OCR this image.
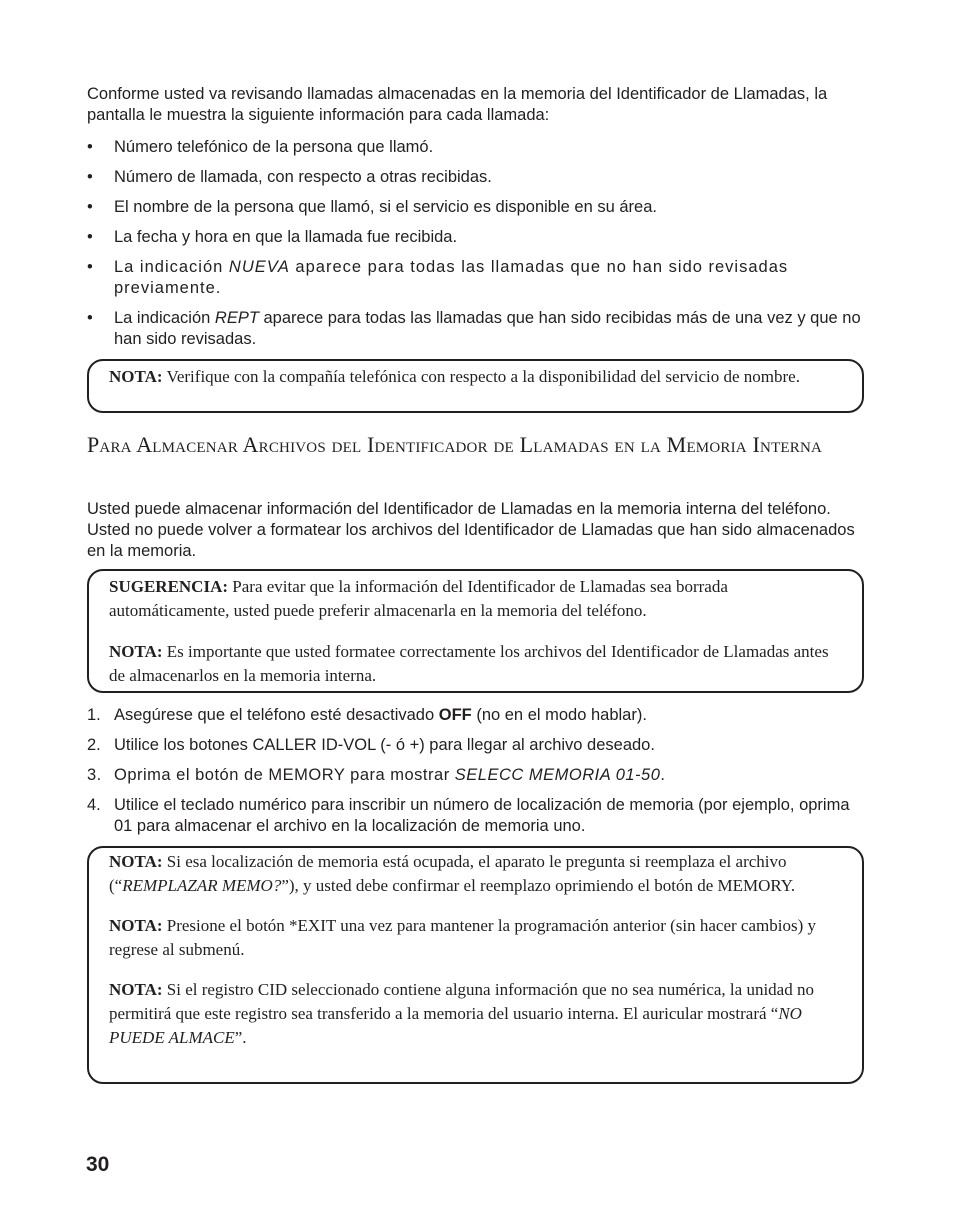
Conforme usted va revisando llamadas almacenadas en la memoria del Identificador de Llamadas, la pantalla le muestra la siguiente información para cada llamada:
• Número telefónico de la persona que llamó.
• Número de llamada, con respecto a otras recibidas.
• El nombre de la persona que llamó, si el servicio es disponible en su área.
• La fecha y hora en que la llamada fue recibida.
• La indicación NUEVA aparece para todas las llamadas que no han sido revisadas previamente.
• La indicación REPT aparece para todas las llamadas que han sido recibidas más de una vez y que no han sido revisadas.

NOTA: Verifique con la compañía telefónica con respecto a la disponibilidad del servicio de nombre.

Para Almacenar Archivos del Identificador de Llamadas en la Memoria Interna
Usted puede almacenar información del Identificador de Llamadas en la memoria interna del teléfono. Usted no puede volver a formatear los archivos del Identificador de Llamadas que han sido almacenados en la memoria.

SUGERENCIA: Para evitar que la información del Identificador de Llamadas sea borrada automáticamente, usted puede preferir almacenarla en la memoria del teléfono.

NOTA: Es importante que usted formatee correctamente los archivos del Identificador de Llamadas antes de almacenarlos en la memoria interna.

1. Asegúrese que el teléfono esté desactivado OFF (no en el modo hablar).
2. Utilice los botones CALLER ID-VOL (- ó +) para llegar al archivo deseado.
3. Oprima el botón de MEMORY para mostrar SELECC MEMORIA 01-50.
4. Utilice el teclado numérico para inscribir un número de localización de memoria (por ejemplo, oprima 01 para almacenar el archivo en la localización de memoria uno.

NOTA: Si esa localización de memoria está ocupada, el aparato le pregunta si reemplaza el archivo (“REMPLAZAR MEMO?”), y usted debe confirmar el reemplazo oprimiendo el botón de MEMORY.

NOTA: Presione el botón *EXIT una vez para mantener la programación anterior (sin hacer cambios) y regrese al submenú.

NOTA: Si el registro CID seleccionado contiene alguna información que no sea numérica, la unidad no permitirá que este registro sea transferido a la memoria del usuario interna. El auricular mostrará “NO PUEDE ALMACE”.

30
